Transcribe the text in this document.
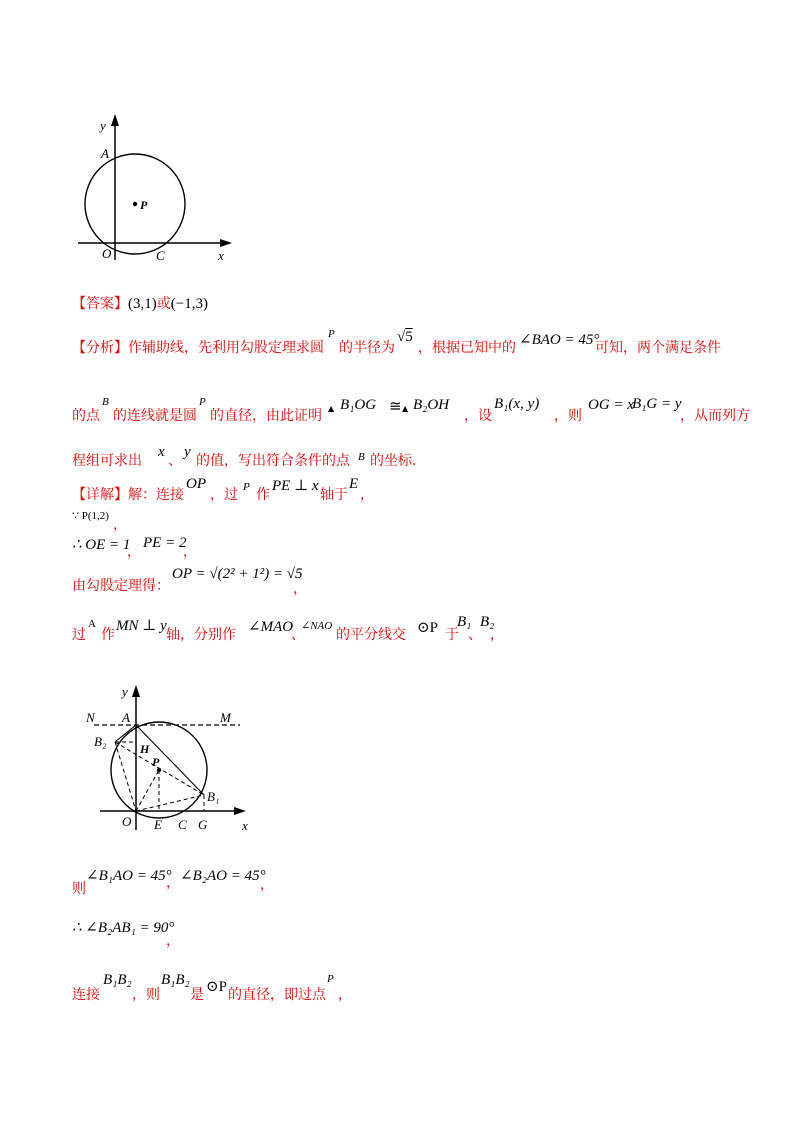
y
A
P
O	C	x
【答案】(3,1)或(−1,3)
【分析】作辅助线，先利用勾股定理求圆
P
的半径为
√5
，根据已知中的 ∠BAO = 45°
可知，两个满足条件
的点
B
的连线就是圆
P
的直径，由此证明 ▲ B₁OG ≅ ▲ B₂OH
，设
B₁(x, y)
，则
OG = x
B₁G = y
，从而列方
程组可求出
x
、
y
的值，写出符合条件的点 B 的坐标.
【详解】 解：连接
OP
，过 P 作
PE ⊥ x
轴于
E
，
∵ P(1,2)
，
∴ OE = 1
，
PE = 2
，
由勾股定理得：
OP = √(2² + 1²) = √5
，
过
A
作
MN ⊥ y
轴，分别作 ∠MAO
、
∠NAO
的平分线交 ⊙P 于
B₁
、
B₂
，
y
N A	M
B₂	H
P
B₁
O E C G	x
则
∠B₁AO = 45°
， ∠B₂AO = 45°
，
∴ ∠B₂AB₁ = 90°
，
连接
B₁B₂
，则
B₁B₂
是 ⊙P 的直径，即过点
P
，
